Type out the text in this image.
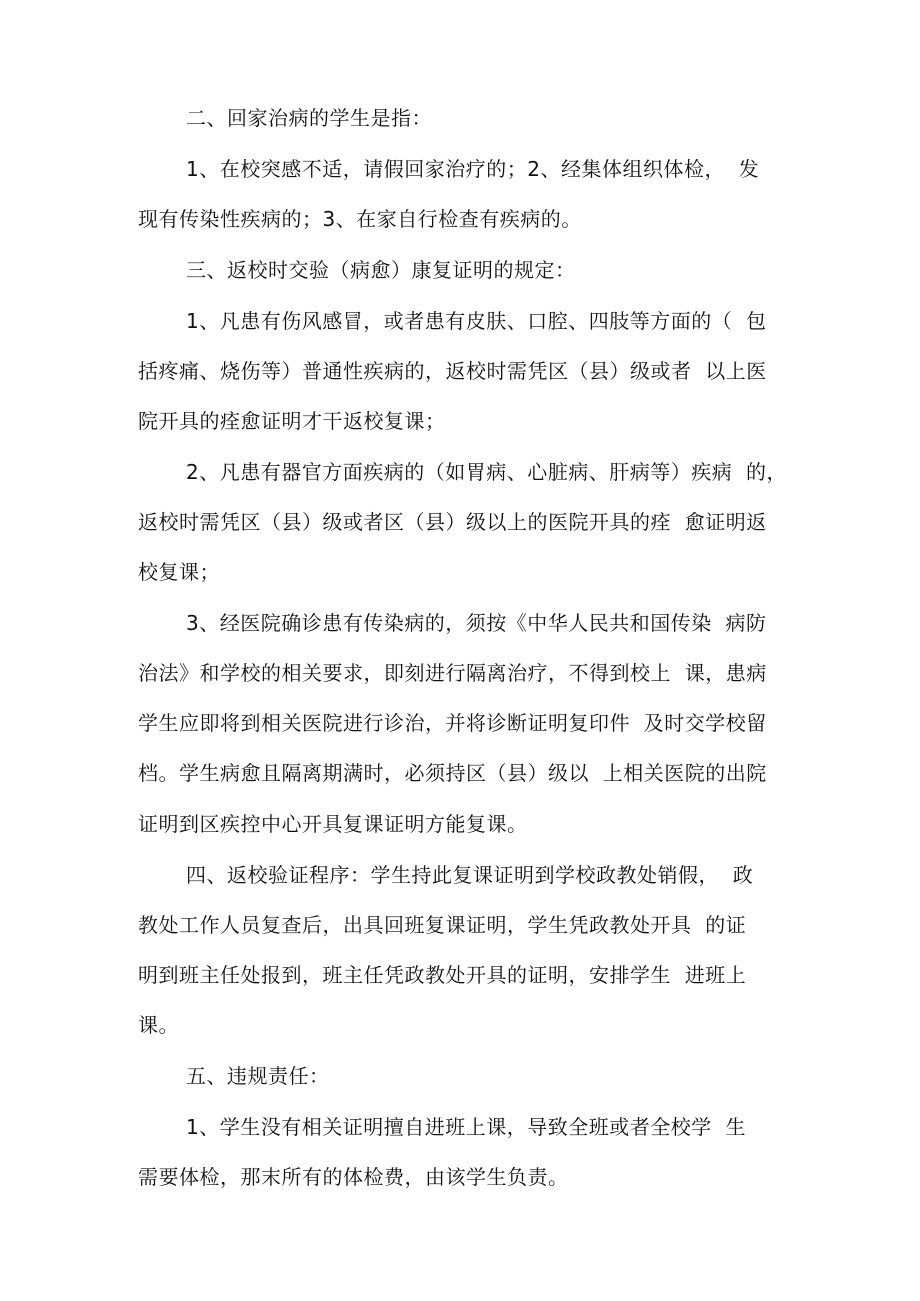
二、回家治病的学生是指：
1、在校突感不适，请假回家治疗的；2、经集体组织体检，  发
现有传染性疾病的；3、在家自行检查有疾病的。
三、返校时交验（病愈）康复证明的规定：
1、凡患有伤风感冒，或者患有皮肤、口腔、四肢等方面的（  包
括疼痛、烧伤等）普通性疾病的，返校时需凭区（县）级或者  以上医
院开具的痊愈证明才干返校复课；
2、凡患有器官方面疾病的（如胃病、心脏病、肝病等）疾病  的，
返校时需凭区（县）级或者区（县）级以上的医院开具的痊  愈证明返
校复课；
3、经医院确诊患有传染病的，须按《中华人民共和国传染  病防
治法》和学校的相关要求，即刻进行隔离治疗，不得到校上  课，患病
学生应即将到相关医院进行诊治，并将诊断证明复印件  及时交学校留
档。学生病愈且隔离期满时，必须持区（县）级以  上相关医院的出院
证明到区疾控中心开具复课证明方能复课。
四、返校验证程序：学生持此复课证明到学校政教处销假，  政
教处工作人员复查后，出具回班复课证明，学生凭政教处开具  的证
明到班主任处报到，班主任凭政教处开具的证明，安排学生  进班上
课。
五、违规责任：
1、学生没有相关证明擅自进班上课，导致全班或者全校学  生
需要体检，那末所有的体检费，由该学生负责。
